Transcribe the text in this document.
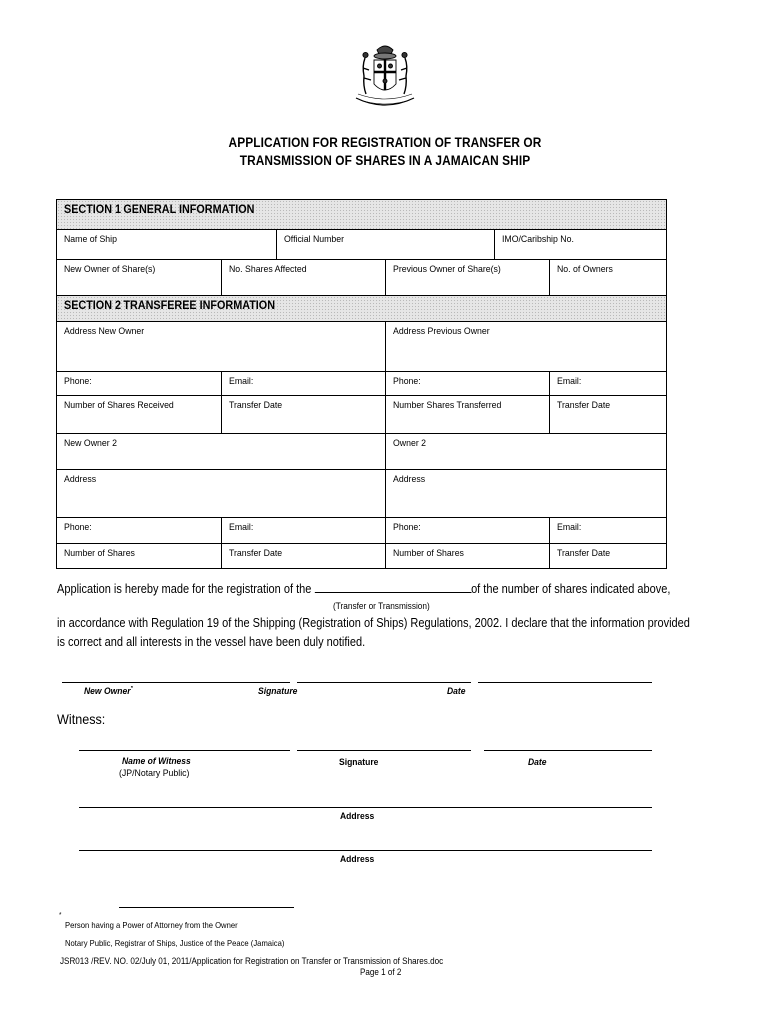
APPLICATION FOR REGISTRATION OF TRANSFER OR
TRANSMISSION OF SHARES IN A JAMAICAN SHIP
SECTION 1 GENERAL INFORMATION
Name of Ship	Official Number	IMO/Caribship No.
New Owner of Share(s)	No. Shares Affected	Previous Owner of Share(s)	No. of Owners
SECTION 2 TRANSFEREE INFORMATION
Address New Owner	Address Previous Owner
Phone:	Email:	Phone:	Email:
Number of Shares Received	Transfer Date	Number Shares Transferred	Transfer Date
New Owner 2	Owner 2
Address	Address
Phone:	Email:	Phone:	Email:
Number of Shares	Transfer Date	Number of Shares	Transfer Date
Application is hereby made for the registration of the	of the number of shares indicated above,
(Transfer or Transmission)
in accordance with Regulation 19 of the Shipping (Registration of Ships) Regulations, 2002. I declare that the information provided
is correct and all interests in the vessel have been duly notified.
New Owner*	Signature	Date
Witness:
Name of Witness
(JP/Notary Public)
Signature	Date
Address
Address
*
Person having a Power of Attorney from the Owner
Notary Public, Registrar of Ships, Justice of the Peace (Jamaica)
JSR013 /REV. NO. 02/July 01, 2011/Application for Registration on Transfer or Transmission of Shares.doc
Page 1 of 2
